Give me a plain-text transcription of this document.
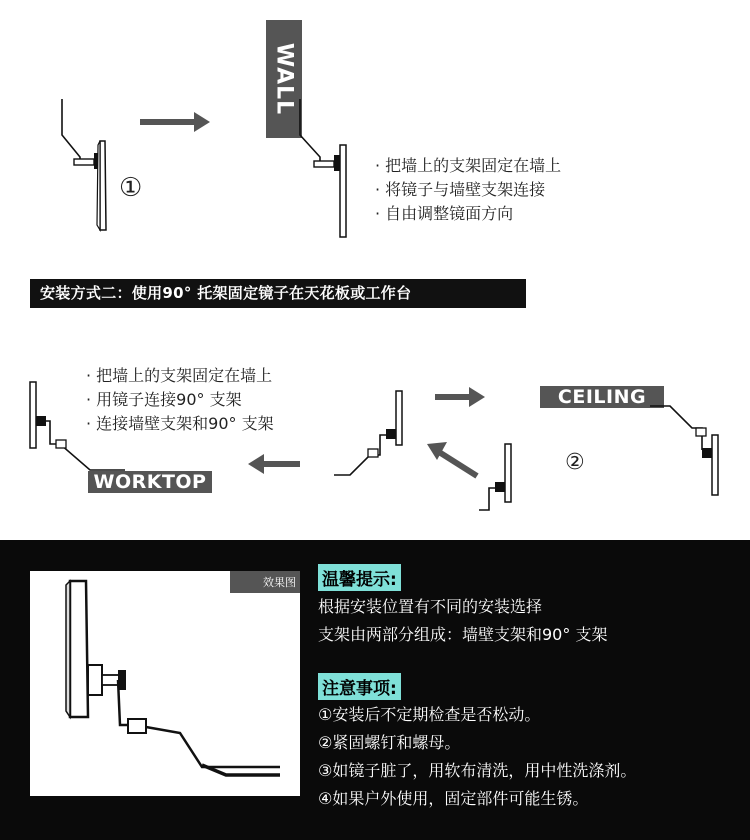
①
WALL
· 把墙上的支架固定在墙上
· 将镜子与墙壁支架连接
· 自由调整镜面方向
安装方式二：使用90° 托架固定镜子在天花板或工作台
WORKTOP
· 把墙上的支架固定在墙上
· 用镜子连接90° 支架
· 连接墙壁支架和90° 支架
CEILING
②
效果图 温馨提示:
根据安装位置有不同的安装选择
支架由两部分组成：墙壁支架和90° 支架
注意事项:
①安装后不定期检查是否松动。
②紧固螺钉和螺母。
③如镜子脏了，用软布清洗，用中性洗涤剂。
④如果户外使用，固定部件可能生锈。
